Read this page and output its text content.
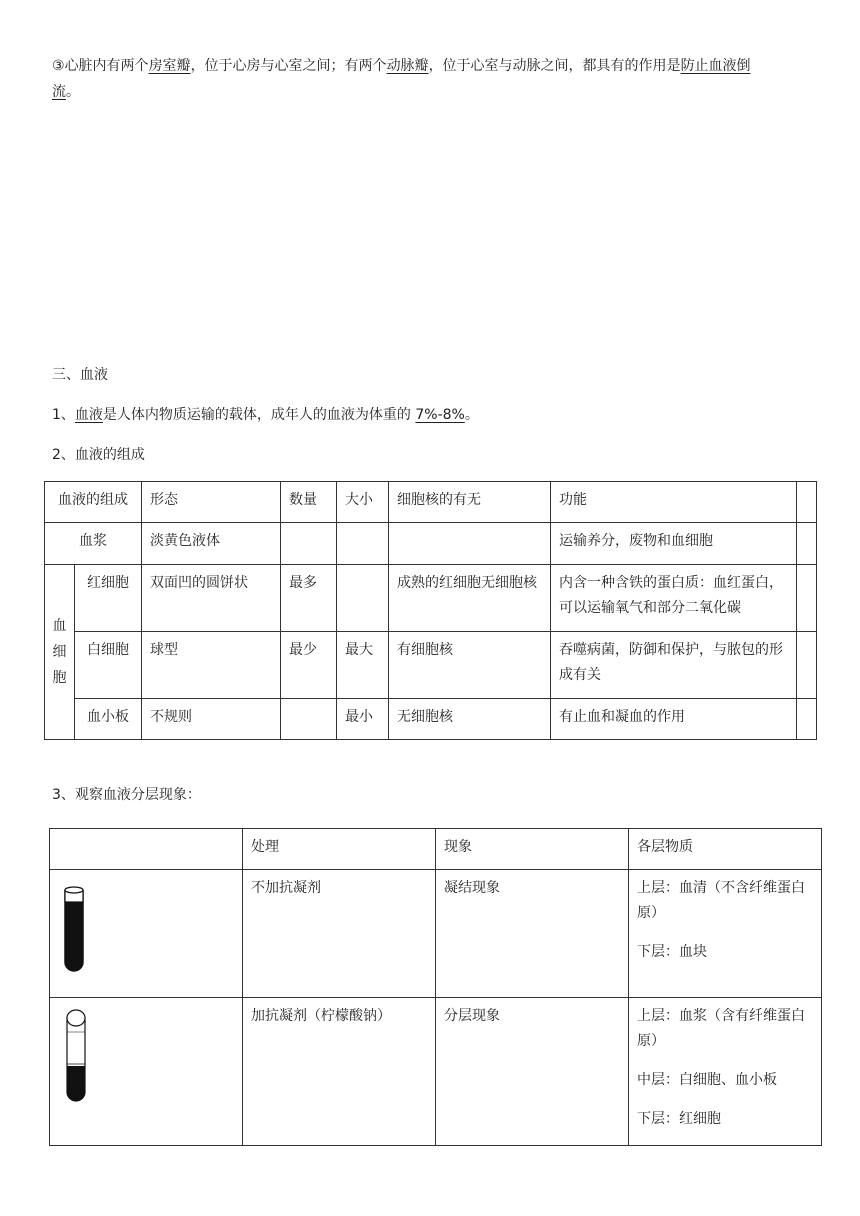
③心脏内有两个房室瓣，位于心房与心室之间；有两个动脉瓣，位于心室与动脉之间，都具有的作用是防止血液倒
流。
三、血液
1、血液是人体内物质运输的载体，成年人的血液为体重的 7%-8%。
2、血液的组成
血液的组成		形态	数量	大小	细胞核的有无	功能	
血浆		淡黄色液体				运输养分，废物和血细胞	
血
细
胞	红细胞	双面凹的圆饼状	最多		成熟的红细胞无细胞核	内含一种含铁的蛋白质：血红蛋白，可以运输氧气和部分二氧化碳	
	白细胞	球型	最少	最大	有细胞核	吞噬病菌，防御和保护，与脓包的形成有关	
	血小板	不规则		最小	无细胞核	有止血和凝血的作用	
3、观察血液分层现象：
	处理	现象	各层物质

	不加抗凝剂	凝结现象	上层：血清（不含纤维蛋白原）
下层：血块

	加抗凝剂（柠檬酸钠）	分层现象	上层：血浆（含有纤维蛋白原）
中层：白细胞、血小板
下层：红细胞
